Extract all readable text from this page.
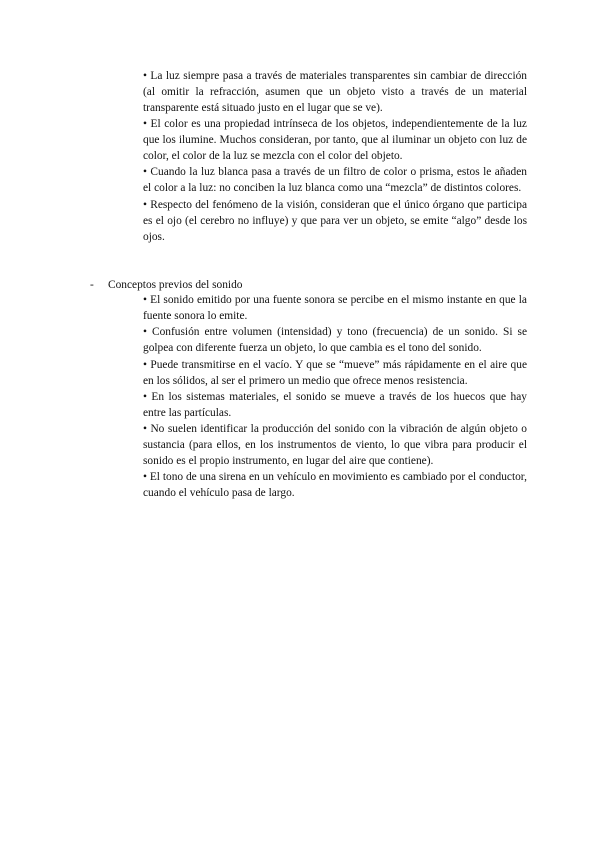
• La luz siempre pasa a través de materiales transparentes sin cambiar de dirección (al omitir la refracción, asumen que un objeto visto a través de un material transparente está situado justo en el lugar que se ve).

• El color es una propiedad intrínseca de los objetos, independientemente de la luz que los ilumine. Muchos consideran, por tanto, que al iluminar un objeto con luz de color, el color de la luz se mezcla con el color del objeto.

• Cuando la luz blanca pasa a través de un filtro de color o prisma, estos le añaden el color a la luz: no conciben la luz blanca como una “mezcla” de distintos colores.

• Respecto del fenómeno de la visión, consideran que el único órgano que participa es el ojo (el cerebro no influye) y que para ver un objeto, se emite “algo” desde los ojos.

- Conceptos previos del sonido

• El sonido emitido por una fuente sonora se percibe en el mismo instante en que la fuente sonora lo emite.

• Confusión entre volumen (intensidad) y tono (frecuencia) de un sonido. Si se golpea con diferente fuerza un objeto, lo que cambia es el tono del sonido.

• Puede transmitirse en el vacío. Y que se “mueve” más rápidamente en el aire que en los sólidos, al ser el primero un medio que ofrece menos resistencia.

• En los sistemas materiales, el sonido se mueve a través de los huecos que hay entre las partículas.

• No suelen identificar la producción del sonido con la vibración de algún objeto o sustancia (para ellos, en los instrumentos de viento, lo que vibra para producir el sonido es el propio instrumento, en lugar del aire que contiene).

• El tono de una sirena en un vehículo en movimiento es cambiado por el conductor, cuando el vehículo pasa de largo.
